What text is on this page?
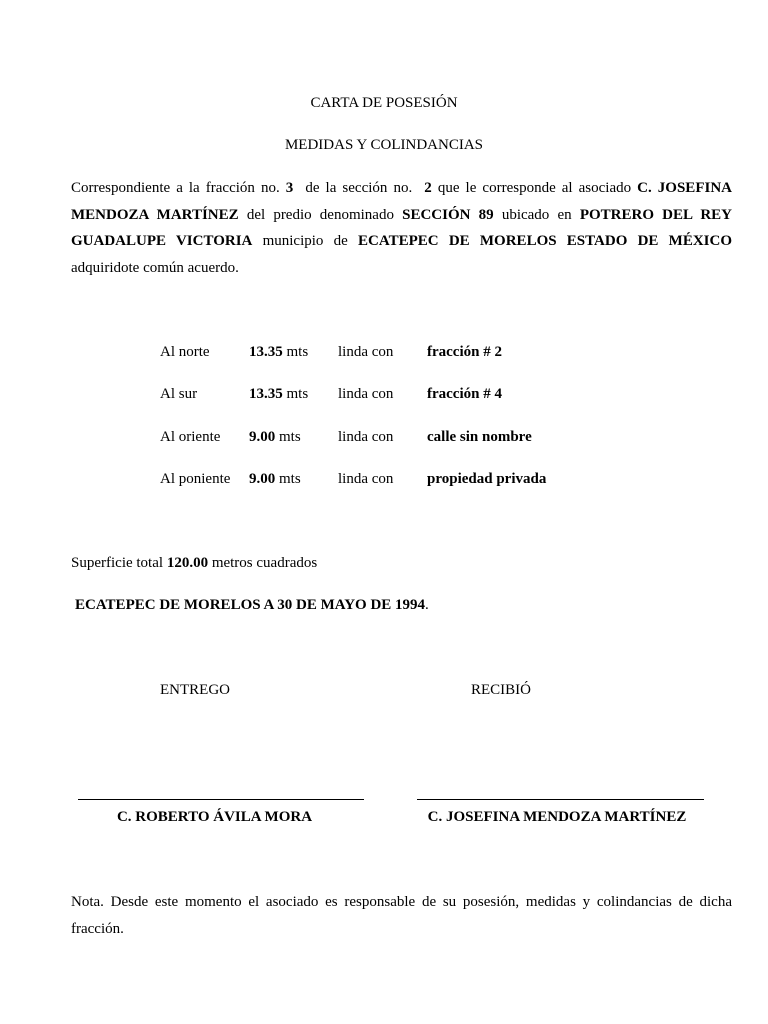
CARTA DE POSESIÓN
MEDIDAS Y COLINDANCIAS

Correspondiente a la fracción no. 3  de la sección no.  2 que le corresponde al asociado C. JOSEFINA MENDOZA MARTÍNEZ del predio denominado SECCIÓN 89 ubicado en POTRERO DEL REY GUADALUPE VICTORIA municipio de ECATEPEC DE MORELOS ESTADO DE MÉXICO adquiridote común acuerdo.

Al norte	13.35 mts linda con fracción # 2
Al sur	13.35 mts linda con fracción # 4
Al oriente 9.00 mts linda con calle sin nombre
Al poniente 9.00 mts linda con propiedad privada
Superficie total 120.00 metros cuadrados
ECATEPEC DE MORELOS A 30 DE MAYO DE 1994.
ENTREGO	RECIBIÓ
C. ROBERTO ÁVILA MORA	C. JOSEFINA MENDOZA MARTÍNEZ

Nota. Desde este momento el asociado es responsable de su posesión, medidas y colindancias de dicha fracción.
